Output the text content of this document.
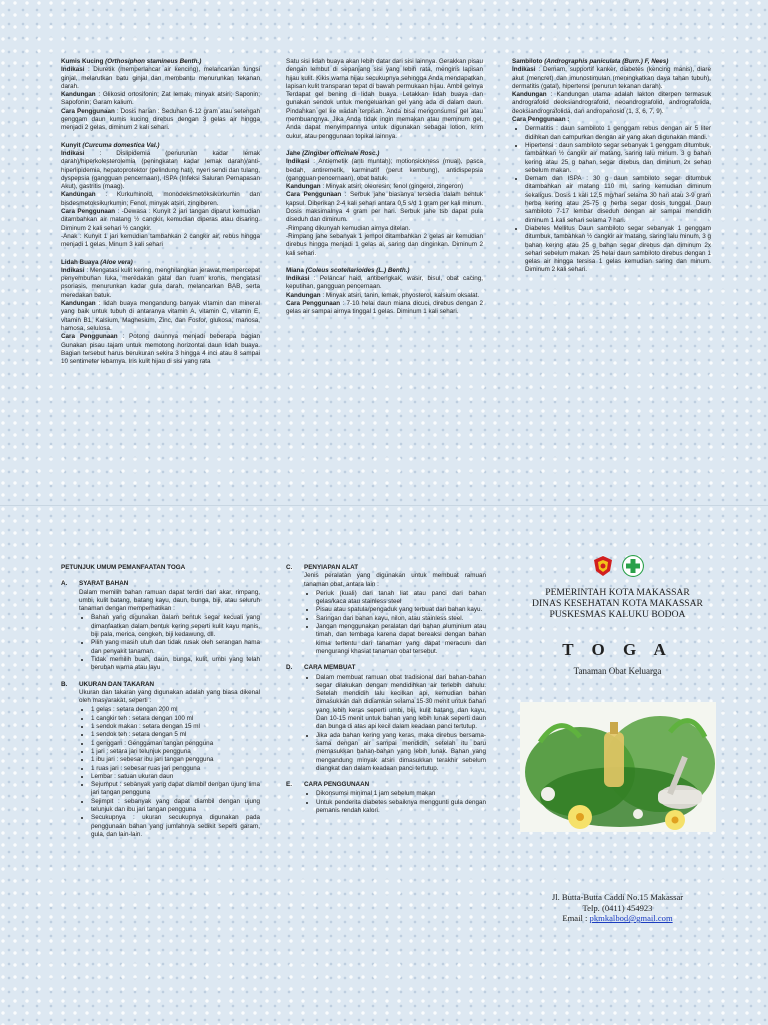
Kumis Kucing (Orthosiphon stamineus Benth.)

Indikasi : Diuretik (memperlancar air kencing), melancarkan fungsi ginjal, melarutkan batu ginjal dan membantu menurunkan tekanan darah.

Kandungan : Glikosid ortosifonin; Zat lemak, minyak atsiri; Saponin; Sapofonin; Garam kalium.

Cara Penggunaan : Dosis harian : Seduhan 6-12 gram atau setengah genggam daun kumis kucing direbus dengan 3 gelas air hingga menjadi 2 gelas, diminum 2 kali sehari.

Kunyit (Curcuma domestica Val.)

Indikasi : Dislipidemia (penurunan kadar lemak darah)/hiperkolesterolemia (peningkatan kadar lemak darah)/anti-hiperlipidemia, hepatoprotektor (pelindung hati), nyeri sendi dan tulang, dyspepsia (gangguan pencernaan), ISPA (Infeksi Saluran Pernapasan Akut), gastritis (maag).

Kandungan : Kurkuminoid, monodeksmetoksikurkumin dan bisdesmetoksikurkumin; Fenol, minyak atsiri, zingiberen.

Cara Penggunaan : -Dewasa : Kunyit 2 jari tangan diparut kemudian ditambahkan air matang ½ cangkir, kemudian diperas atau disaring. Diminum 2 kali sehari ½ cangkir.

-Anak : Kunyit 1 jari kemudian tambahkan 2 cangkir air, rebus hingga menjadi 1 gelas. Minum 3 kali sehari

Lidah Buaya (Aloe vera)

Indikasi : Mengatasi kulit kering, menghilangkan jerawat,mempercepat penyembuhan luka, meredakan gatal dan ruam kronis, mengatasi psoriasis, menurunkan kadar gula darah, melancarkan BAB, serta meredakan batuk.

Kandungan : lidah buaya mengandung banyak vitamin dan mineral yang baik untuk tubuh di antaranya vitamin A, vitamin C, vitamin E, vitamin B1, Kalsium, Magnesium, Zinc, dan Fosfor, glukosa, manosa, hamosa, selulosa.

Cara Penggunaan : Potong daunnya menjadi beberapa bagian Gunakan pisau tajam untuk memotong horizontal daun lidah buaya. Bagian tersebut harus berukuran sekira 3 hingga 4 inci atau 8 sampai 10 sentimeter lebarnya. Iris kulit hijau di sisi yang rata

Satu sisi lidah buaya akan lebih datar dari sisi lainnya. Gerakkan pisau dengan lembut di sepanjang sisi yang lebih rata, mengiris lapisan hijau kulit. Kikis warna hijau secukupnya sehingga Anda mendapatkan lapisan kulit transparan tepat di bawah permukaan hijau. Ambil gelnya Terdapat gel bening di lidah buaya. Letakkan lidah buaya dan gunakan sendok untuk mengeluarkan gel yang ada di dalam daun. Pindahkan gel ke wadah terpisah. Anda bisa mengonsumsi gel atau membuangnya. Jika Anda tidak ingin memakan atau meminum gel, Anda dapat menyimpannya untuk digunakan sebagai lotion, krim cukur, atau penggunaan topikal lainnya.

Jahe (Zingiber officinale Rosc.)

Indikasi : Antiemetik (anti muntah); motionsickness (mual), pasca bedah, antiremetik, karminatif (perut kembung), antidispepsia (gangguan pencernaan), obat batuk.

Kandungan : Minyak atsiri; oleoresin; fenol (gingerol, zingeron)

Cara Penggunaan : Serbuk jahe biasanya tersedia dalam bentuk kapsul. Diberikan 2-4 kali sehari antara 0,5 s/d 1 gram per kali minum. Dosis maksimalnya 4 gram per hari. Serbuk jahe tsb dapat pula diseduh dan diminum.

-Rimpang dikunyah kemudian airnya ditelan.

-Rimpang jahe sebanyak 1 jempol ditambahkan 2 gelas air kemudian direbus hingga menjadi 1 gelas ai, saring dan dinginkan. Diminum 2 kali sehari.

Miana (Coleus scotellarioides (L.) Benth.)

Indikasi : Pelancar haid, antibengkak, wasir, bisul, obat cacing, keputihan, gangguan pencernaan.

Kandungan : Minyak atsiri, tanin, lemak, phyosterol, kalsium oksalat.

Cara Penggunaan : 7-10 helai daun miana dicuci, direbus dengan 2 gelas air sampai airnya tinggal 1 gelas. Diminum 1 kali sehari.

Sambiloto (Andrographis paniculata (Burn.) F, Nees)

Indikasi : Demam, supportif kanker, diabetes (kencing manis), diare akut (mencret) dan imunostimulan (meningkatkan daya tahan tubuh), dermatitis (gatal), hipertensi (penurun tekanan darah).

Kandungan : Kandungan utama adalah lakton diterpen termasuk andrografolid deoksiandrografolid, neoandrografolid, andrografolida, deoksiandrografolida, dan andropanosid (1, 3, 6, 7, 9).

Cara Penggunaan :

• Dermatitis : daun sambiloto 1 genggam rebus dengan air 5 liter didihkan dan campurkan dengan air yang akan digunakan mandi.
• Hipertensi : daun sambiloto segar sebanyak 1 genggam ditumbuk, tambahkan ½ cangkir air matang, saring lalu minum. 3 g bahan kering atau 25 g bahan segar direbus dan diminum 2x sehari sebelum makan.
• Demam dan ISPA : 30 g daun sambiloto segar ditumbuk ditambahkan air matang 110 ml, saring kemudian diminum sekaligus. Dosis 1 kali 12,5 mg/hari selama 30 hari atau 3-9 gram herba kering atau 25-75 g herba segar dosis tunggal. Daun sambiloto 7-17 lembar diseduh dengan air sampai mendidih diminum 1 kali sehari selama 7 hari.
• Diabetes Mellitus Daun sambiloto segar sebanyak 1 genggam ditumbuk, tambahkan ½ cangkir air matang, saring lalu minum, 3 g bahan kering atau 25 g bahan segar direbus dan diminum 2x sehari sebelum makan. 25 helai daun sambiloto direbus dengan 1 gelas air hingga tersisa 1 gelas kemudian saring dan minum. Diminum 2 kali sehari.

PETUNJUK UMUM PEMANFAATAN TOGA

A. SYARAT BAHAN

Dalam memilih bahan ramuan dapat terdiri dari akar, rimpang, umbi, kulit batang, batang kayu, daun, bunga, biji, atau seluruh tanaman dengan memperhatikan :

• Bahan yang digunakan dalam bentuk segar kecuali yang dimanfaatkan dalam bentuk kering seperti kulit kayu manis, biji pala, merica, cengkeh, biji kedawung, dll.
• Pilih yang masih utuh dan tidak rusak oleh serangan hama dan penyakit tanaman.
• Tidak memilih buah, daun, bunga, kulit, umbi yang telah berubah warna atau layu

B. UKURAN DAN TAKARAN

Ukuran dan takaran yang digunakan adalah yang biasa dikenal oleh masyarakat, seperti :

• 1 gelas : setara dengan 200 ml
• 1 cangkir teh : setara dengan 100 ml
• 1 sendok makan : setara dengan 15 ml
• 1 sendok teh : setara dengan 5 ml
• 1 genggam : Genggaman tangan pengguna
• 1 jari : setara jari telunjuk pengguna
• 1 ibu jari : sebesar ibu jari tangan pengguna
• 1 ruas jari : sebesar ruas jari pengguna
• Lembar : satuan ukuran daun
• Sejumput : sebanyak yang dapat diambil dengan ujung lima jari tangan pengguna
• Sejimpit : sebanyak yang dapat diambil dengan ujung telunjuk dan ibu jari tangan pengguna
• Secukupnya : ukuran secukupnya digunakan pada penggunaan bahan yang jumlahnya sedikit seperti garam, gula, dan lain-lain.

C. PENYIAPAN ALAT

Jenis peralatan yang digunakan untuk membuat ramuan tanaman obat, antara lain :

• Periuk (kuali) dari tanah liat atau panci dari bahan gelas/kaca atau stainless steel
• Pisau atau spatula/pengaduk yang terbuat dari bahan kayu.
• Saringan dari bahan kayu, nilon, atau stainless steel.
• Jangan menggunakan peralatan dari bahan aluminium atau timah, dan tembaga karena dapat bereaksi dengan bahan kimia tertentu dari tanaman yang dapat meracuni dan mengurangi khasiat tanaman obat tersebut.

D. CARA MEMBUAT

• Dalam membuat ramuan obat tradisional dari bahan-bahan segar dilakukan dengan mendidihkan air terlebih dahulu. Setelah mendidih lalu kecilkan api, kemudian bahan dimasukkan dan didiamkan selama 15-30 menit untuk bahan yang lebih keras seperti umbi, biji, kulit batang, dan kayu. Dan 10-15 menit untuk bahan yang lebih lunak seperti daun dan bunga di atas api kecil dalam keadaan panci tertutup.
• Jika ada bahan kering yang keras, maka direbus bersama-sama dengan air sampai mendidih, setelah itu baru memasukkan bahan-bahan yang lebih lunak. Bahan yang mengandung minyak atsiri dimasukkan terakhir sebelum diangkat dan dalam keadaan panci tertutup.

E. CARA PENGGUNAAN

• Dikonsumsi minimal 1 jam sebelum makan
• Untuk penderita diabetes sebaiknya menggunti gula dengan pemanis rendah kalori.
PEMERINTAH KOTA MAKASSAR
DINAS KESEHATAN KOTA MAKASSAR
PUSKESMAS KALUKU BODOA
T O G A
Tanaman Obat Keluarga
Jl. Butta-Butta Caddi No.15 Makassar
Telp. (0411) 454923
Email : pkmkalbod@gmail.com
